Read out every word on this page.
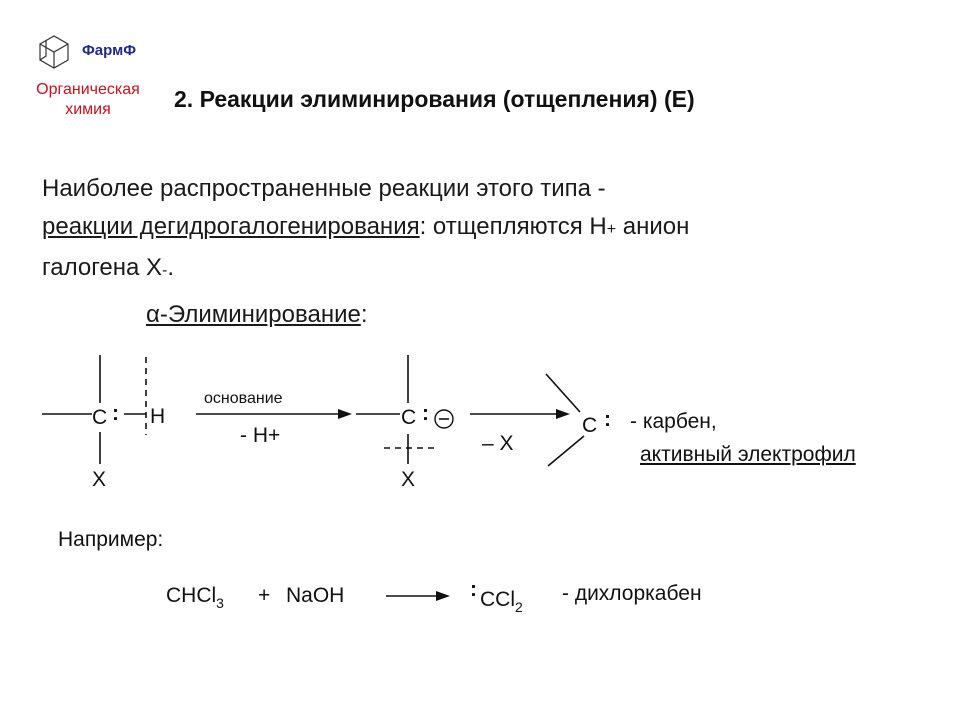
ФармФ
Органическая
химия	2. Реакции элиминирования (отщепления) (Е)
Наиболее распространенные реакции этого типа -
реакции дегидрогалогенирования: отщепляются Н+ анион
галогена Х-.
α-Элиминирование:
C : H
X
основание
- H+
C :
X
– X
C : - карбен,
активный электрофил
Например:
CHCl$_3$ + NaOH	: CCl$_2$
- дихлоркабен
